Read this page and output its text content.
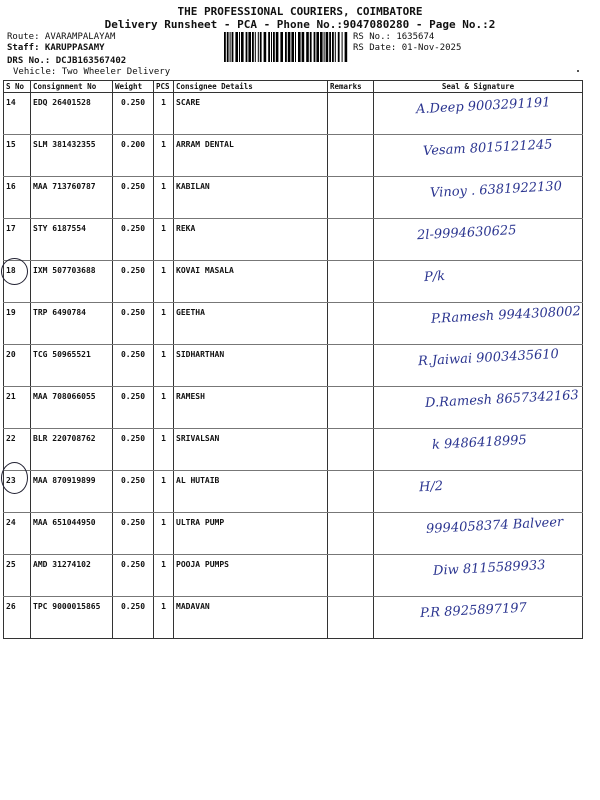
THE PROFESSIONAL COURIERS, COIMBATORE
Delivery Runsheet - PCA - Phone No.:9047080280 - Page No.:2
Route: AVARAMPALAYAM
Staff: KARUPPASAMY
DRS No.: DCJB163567402
Vehicle: Two Wheeler Delivery
RS No.: 1635674
RS Date: 01-Nov-2025
S No	Consignment No	Weight	PCS	Consignee Details	Remarks	Seal & Signature
14	EDQ 26401528	0.250	1	SCARE		A.Deep 9003291191

15	SLM 381432355	0.200	1	ARRAM DENTAL		Vesam 8015121245

16	MAA 713760787	0.250	1	KABILAN		Vinoy . 6381922130

17	STY 6187554	0.250	1	REKA		2l-9994630625

18	IXM 507703688	0.250	1	KOVAI MASALA		P/k

19	TRP 6490784	0.250	1	GEETHA		P.Ramesh 9944308002

20	TCG 50965521	0.250	1	SIDHARTHAN		R.Jaiwai 9003435610

21	MAA 708066055	0.250	1	RAMESH		D.Ramesh 8657342163

22	BLR 220708762	0.250	1	SRIVALSAN		k 9486418995

23	MAA 870919899	0.250	1	AL HUTAIB		H/2

24	MAA 651044950	0.250	1	ULTRA PUMP		9994058374 Balveer

25	AMD 31274102	0.250	1	POOJA PUMPS		Diw 8115589933

26	TPC 9000015865	0.250	1	MADAVAN		P.R 8925897197
